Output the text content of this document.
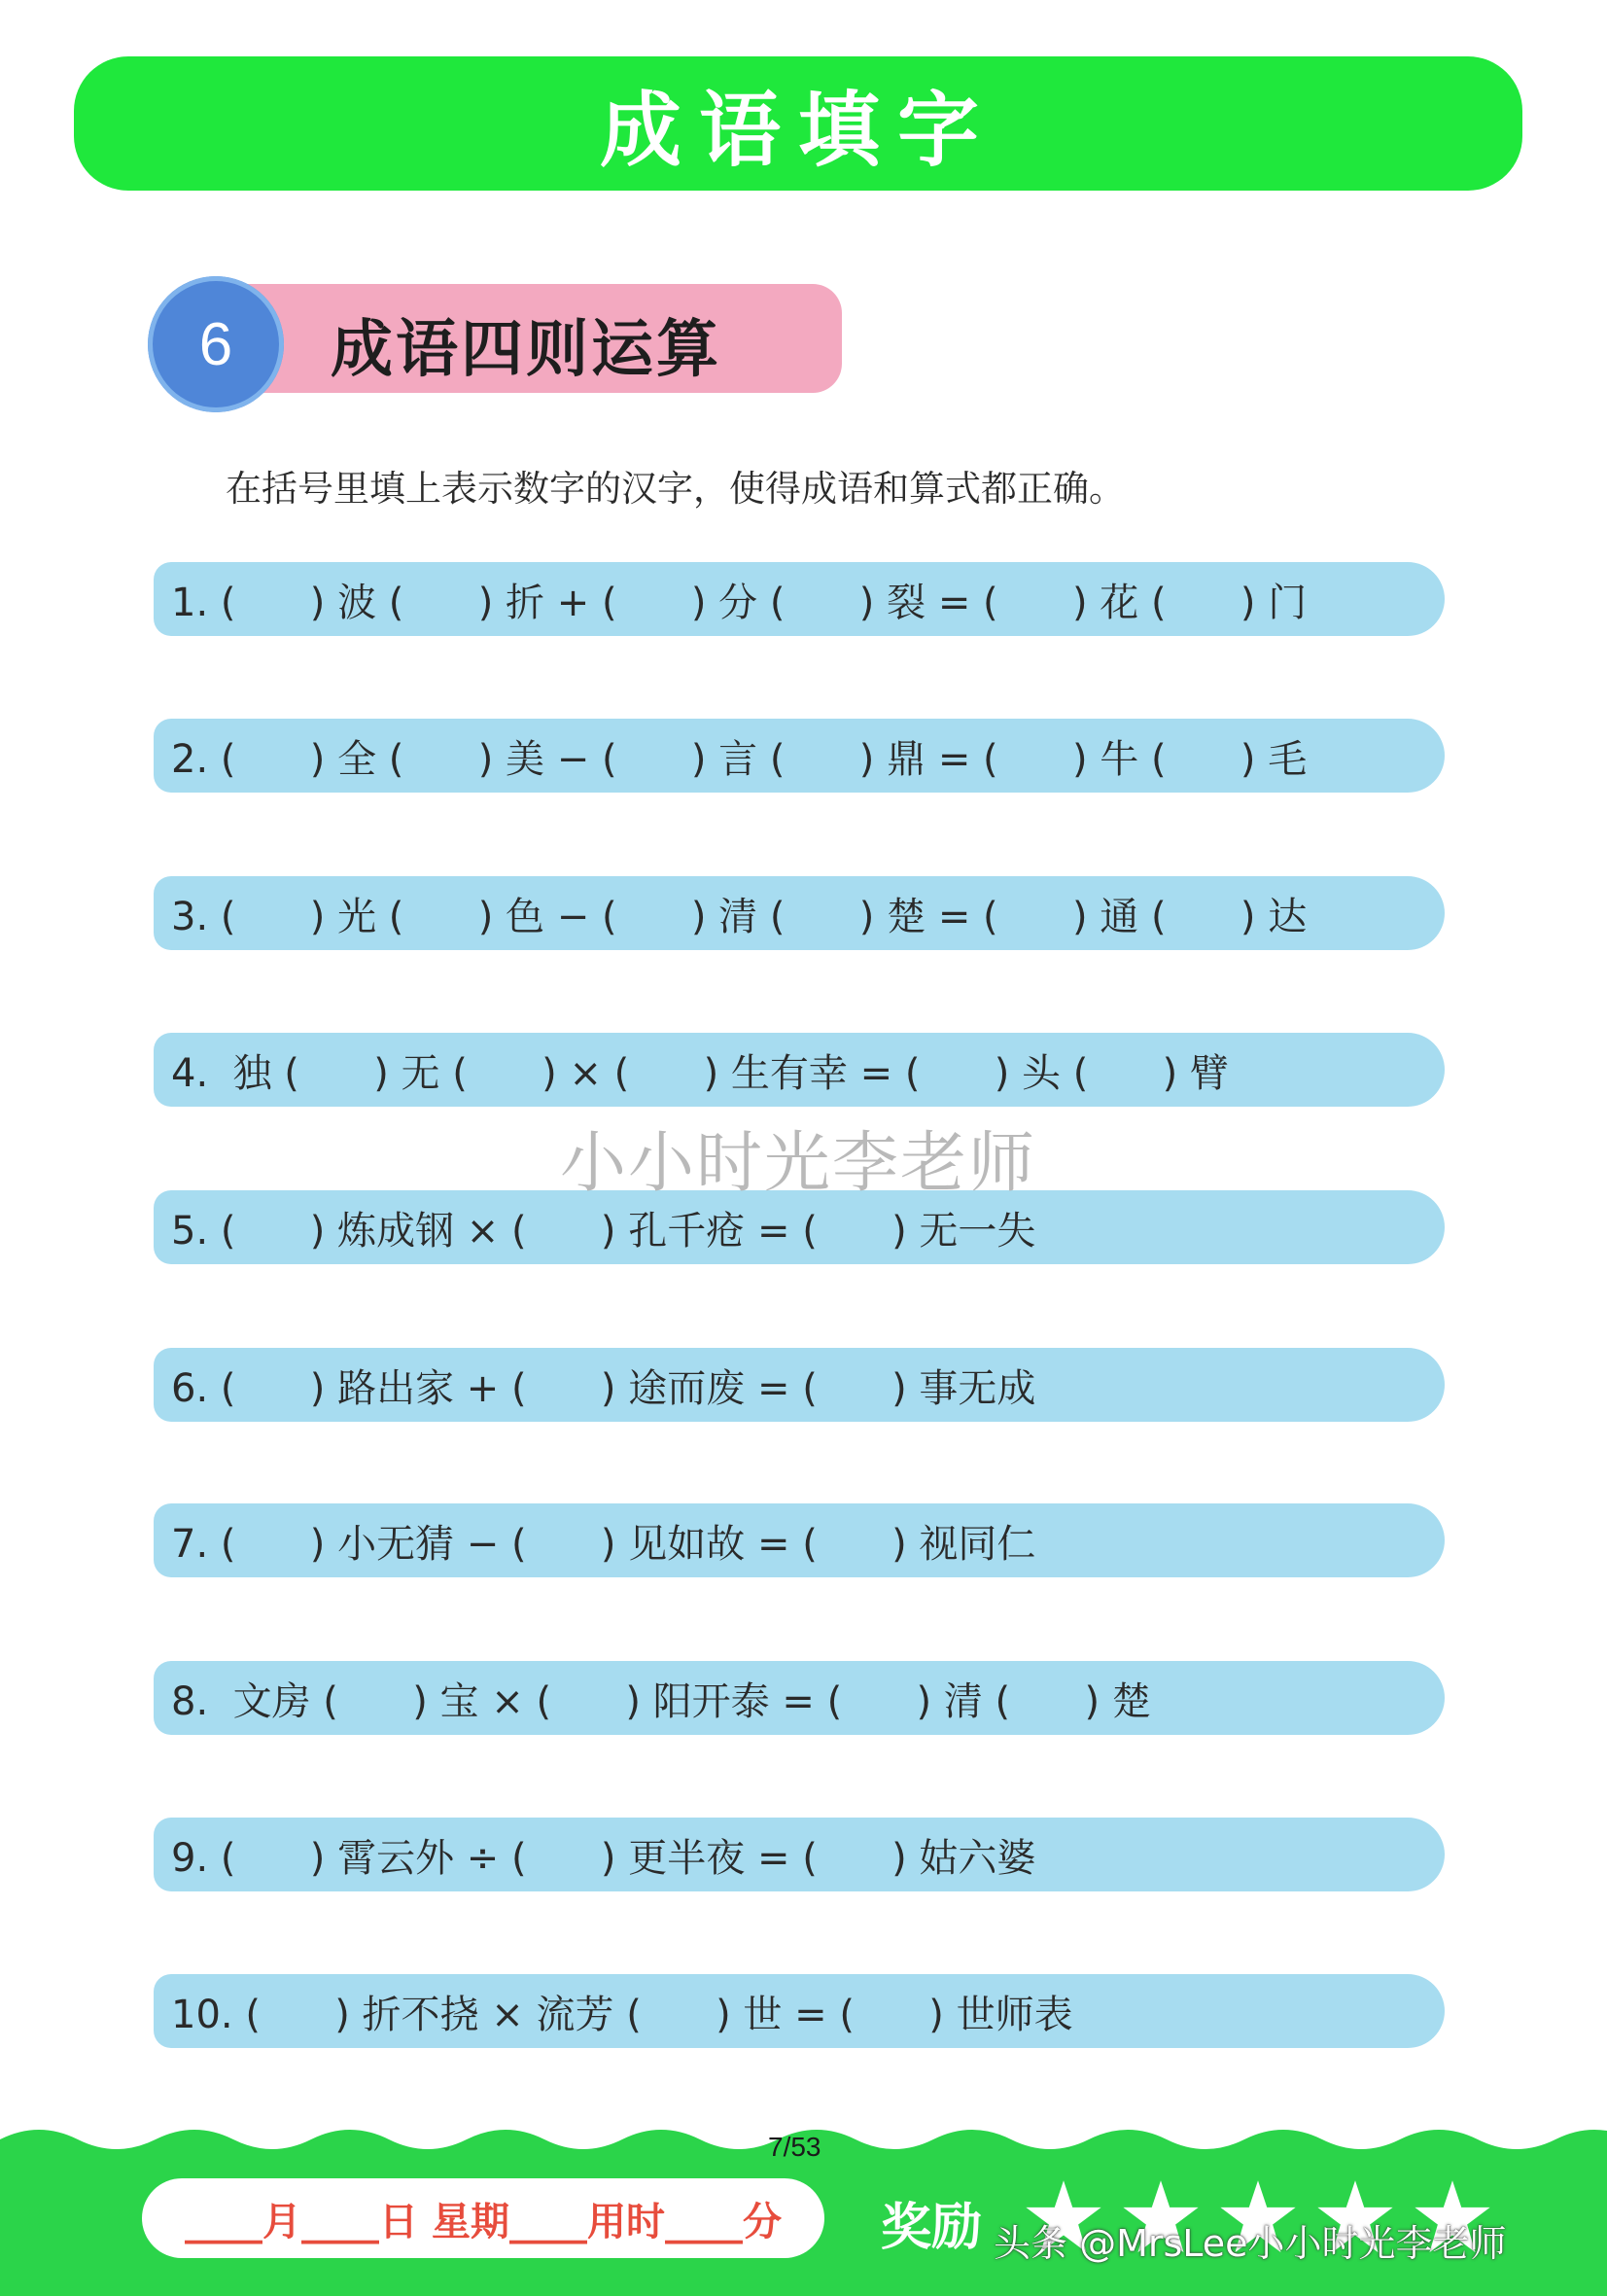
成语填字
6	成语四则运算
在括号里填上表示数字的汉字，使得成语和算式都正确。
1. (      ) 波 (      ) 折 + (      ) 分 (      ) 裂 = (      ) 花 (      ) 门
2. (      ) 全 (      ) 美 − (      ) 言 (      ) 鼎 = (      ) 牛 (      ) 毛
3. (      ) 光 (      ) 色 − (      ) 清 (      ) 楚 = (      ) 通 (      ) 达
4.  独 (      ) 无 (      ) × (      ) 生有幸 = (      ) 头 (      ) 臂
5. (      ) 炼成钢 × (      ) 孔千疮 = (      ) 无一失
6. (      ) 路出家 + (      ) 途而废 = (      ) 事无成
7. (      ) 小无猜 − (      ) 见如故 = (      ) 视同仁
8.  文房 (      ) 宝 × (      ) 阳开泰 = (      ) 清 (      ) 楚
9. (      ) 霄云外 ÷ (      ) 更半夜 = (      ) 姑六婆
10. (      ) 折不挠 × 流芳 (      ) 世 = (      ) 世师表
小小时光李老师
7/53
____月____日 星期____用时____分	奖励 头条 @MrsLee小小时光李老师
